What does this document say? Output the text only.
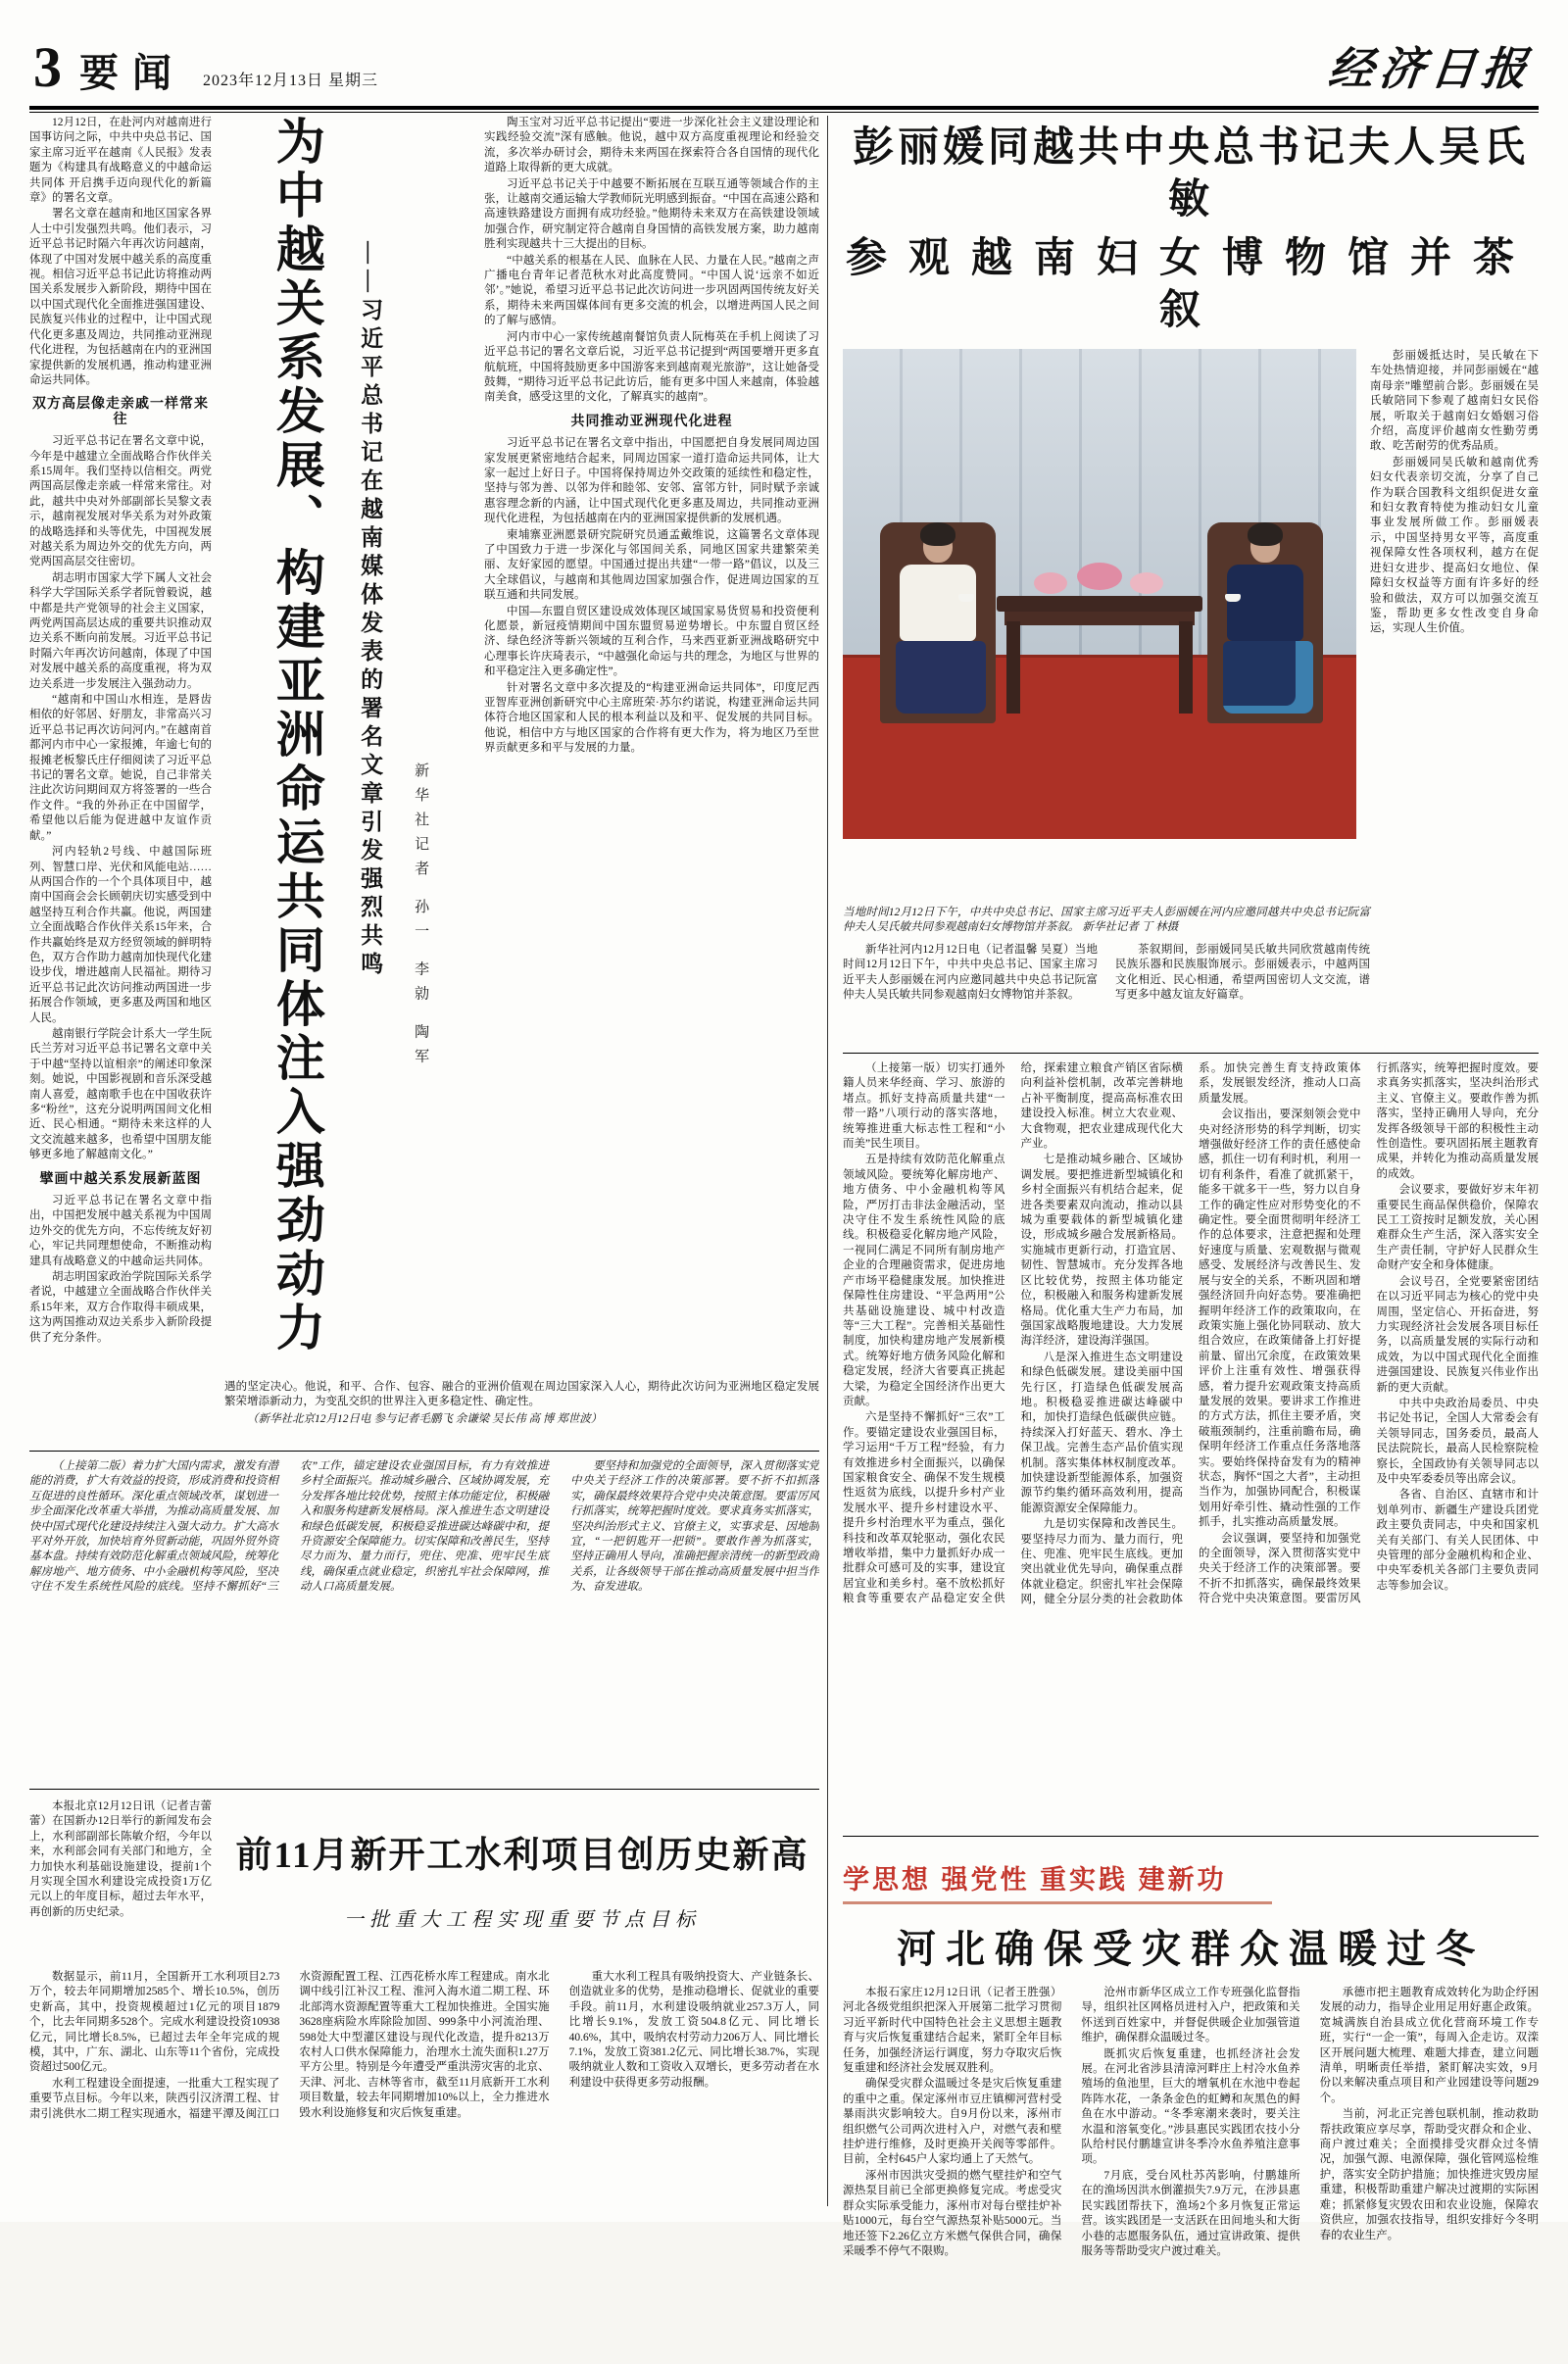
3 要闻 2023年12月13日 星期三	经济日报

12月12日，在赴河内对越南进行国事访问之际，中共中央总书记、国家主席习近平在越南《人民报》发表题为《构建具有战略意义的中越命运共同体 开启携手迈向现代化的新篇章》的署名文章。

署名文章在越南和地区国家各界人士中引发强烈共鸣。他们表示，习近平总书记时隔六年再次访问越南，体现了中国对发展中越关系的高度重视。相信习近平总书记此访将推动两国关系发展步入新阶段，期待中国在以中国式现代化全面推进强国建设、民族复兴伟业的过程中，让中国式现代化更多惠及周边，共同推动亚洲现代化进程，为包括越南在内的亚洲国家提供新的发展机遇，推动构建亚洲命运共同体。

双方高层像走亲戚一样常来往

习近平总书记在署名文章中说，今年是中越建立全面战略合作伙伴关系15周年。我们坚持以信相交。两党两国高层像走亲戚一样常来常往。对此，越共中央对外部副部长吴黎文表示，越南视发展对华关系为对外政策的战略选择和头等优先，中国视发展对越关系为周边外交的优先方向，两党两国高层交往密切。

胡志明市国家大学下属人文社会科学大学国际关系学者阮曾毅说，越中都是共产党领导的社会主义国家，两党两国高层达成的重要共识推动双边关系不断向前发展。习近平总书记时隔六年再次访问越南，体现了中国对发展中越关系的高度重视，将为双边关系进一步发展注入强劲动力。

“越南和中国山水相连，是唇齿相依的好邻居、好朋友，非常高兴习近平总书记再次访问河内。”在越南首都河内市中心一家报摊，年逾七旬的报摊老板黎氏庄仔细阅读了习近平总书记的署名文章。她说，自己非常关注此次访问期间双方将签署的一些合作文件。“我的外孙正在中国留学，希望他以后能为促进越中友谊作贡献。”

河内轻轨2号线、中越国际班列、智慧口岸、光伏和风能电站……从两国合作的一个个具体项目中，越南中国商会会长顾朝庆切实感受到中越坚持互利合作共赢。他说，两国建立全面战略合作伙伴关系15年来，合作共赢始终是双方经贸领域的鲜明特色，双方合作助力越南加快现代化建设步伐，增进越南人民福祉。期待习近平总书记此次访问推动两国进一步拓展合作领域，更多惠及两国和地区人民。

越南银行学院会计系大一学生阮氏兰芳对习近平总书记署名文章中关于中越“坚持以谊相亲”的阐述印象深刻。她说，中国影视剧和音乐深受越南人喜爱，越南歌手也在中国收获许多“粉丝”，这充分说明两国间文化相近、民心相通。“期待未来这样的人文交流越来越多，也希望中国朋友能够更多地了解越南文化。”

擘画中越关系发展新蓝图

习近平总书记在署名文章中指出，中国把发展中越关系视为中国周边外交的优先方向，不忘传统友好初心，牢记共同理想使命，不断推动构建具有战略意义的中越命运共同体。

胡志明国家政治学院国际关系学者说，中越建立全面战略合作伙伴关系15年来，双方合作取得丰硕成果，这为两国推动双边关系步入新阶段提供了充分条件。	为中越关系发展、构建亚洲命运共同体注入强劲动力 ——习近平总书记在越南媒体发表的署名文章引发强烈共鸣 新华社记者 孙一 李勍 陶军

陶玉宝对习近平总书记提出“要进一步深化社会主义建设理论和实践经验交流”深有感触。他说，越中双方高度重视理论和经验交流，多次举办研讨会，期待未来两国在探索符合各自国情的现代化道路上取得新的更大成就。

习近平总书记关于中越要不断拓展在互联互通等领域合作的主张，让越南交通运输大学教师阮光明感到振奋。“中国在高速公路和高速铁路建设方面拥有成功经验。”他期待未来双方在高铁建设领域加强合作，研究制定符合越南自身国情的高铁发展方案，助力越南胜利实现越共十三大提出的目标。

“中越关系的根基在人民、血脉在人民、力量在人民。”越南之声广播电台青年记者范秋水对此高度赞同。“中国人说‘远亲不如近邻’。”她说，希望习近平总书记此次访问进一步巩固两国传统友好关系，期待未来两国媒体间有更多交流的机会，以增进两国人民之间的了解与感情。

河内市中心一家传统越南餐馆负责人阮梅英在手机上阅读了习近平总书记的署名文章后说，习近平总书记提到“两国要增开更多直航航班，中国将鼓励更多中国游客来到越南观光旅游”，这让她备受鼓舞，“期待习近平总书记此访后，能有更多中国人来越南，体验越南美食，感受这里的文化，了解真实的越南”。

共同推动亚洲现代化进程

习近平总书记在署名文章中指出，中国愿把自身发展同周边国家发展更紧密地结合起来，同周边国家一道打造命运共同体，让大家一起过上好日子。中国将保持周边外交政策的延续性和稳定性，坚持与邻为善、以邻为伴和睦邻、安邻、富邻方针，同时赋予亲诚惠容理念新的内涵，让中国式现代化更多惠及周边，共同推动亚洲现代化进程，为包括越南在内的亚洲国家提供新的发展机遇。

柬埔寨亚洲愿景研究院研究员通孟戴维说，这篇署名文章体现了中国致力于进一步深化与邻国间关系，同地区国家共建繁荣美丽、友好家园的愿望。中国通过提出共建“一带一路”倡议，以及三大全球倡议，与越南和其他周边国家加强合作，促进周边国家的互联互通和共同发展。

中国—东盟自贸区建设成效体现区域国家易货贸易和投资便利化愿景，新冠疫情期间中国东盟贸易逆势增长。中东盟自贸区经济、绿色经济等新兴领域的互利合作，马来西亚新亚洲战略研究中心理事长许庆琦表示，“中越强化命运与共的理念，为地区与世界的和平稳定注入更多确定性”。

针对署名文章中多次提及的“构建亚洲命运共同体”，印度尼西亚智库亚洲创新研究中心主席班荣·苏尔约诺说，构建亚洲命运共同体符合地区国家和人民的根本利益以及和平、促发展的共同目标。他说，相信中方与地区国家的合作将有更大作为，将为地区乃至世界贡献更多和平与发展的力量。

遇的坚定决心。他说，和平、合作、包容、融合的亚洲价值观在周边国家深入人心，期待此次访问为亚洲地区稳定发展繁荣增添新动力，为变乱交织的世界注入更多稳定性、确定性。

（新华社北京12月12日电 参与记者毛鹏飞 余谦梁 吴长伟 高 博 郑世波）

（上接第二版）着力扩大国内需求，激发有潜能的消费，扩大有效益的投资，形成消费和投资相互促进的良性循环。深化重点领域改革，谋划进一步全面深化改革重大举措，为推动高质量发展、加快中国式现代化建设持续注入强大动力。扩大高水平对外开放，加快培育外贸新动能，巩固外贸外资基本盘。持续有效防范化解重点领域风险，统筹化解房地产、地方债务、中小金融机构等风险，坚决守住不发生系统性风险的底线。坚持不懈抓好“三农”工作，锚定建设农业强国目标，有力有效推进乡村全面振兴。推动城乡融合、区域协调发展，充分发挥各地比较优势，按照主体功能定位，积极融入和服务构建新发展格局。深入推进生态文明建设和绿色低碳发展，积极稳妥推进碳达峰碳中和，提升资源安全保障能力。切实保障和改善民生，坚持尽力而为、量力而行，兜住、兜准、兜牢民生底线，确保重点就业稳定，织密扎牢社会保障网，推动人口高质量发展。

要坚持和加强党的全面领导，深入贯彻落实党中央关于经济工作的决策部署。要不折不扣抓落实，确保最终效果符合党中央决策意图。要雷厉风行抓落实，统筹把握时度效。要求真务实抓落实，坚决纠治形式主义、官僚主义，实事求是、因地制宜，“一把钥匙开一把锁”。要敢作善为抓落实，坚持正确用人导向，准确把握亲清统一的新型政商关系，让各级领导干部在推动高质量发展中担当作为、奋发进取。

本报北京12月12日讯（记者吉蕾蕾）在国新办12日举行的新闻发布会上，水利部副部长陈敏介绍，今年以来，水利部会同有关部门和地方，全力加快水利基础设施建设，提前1个月实现全国水利建设完成投资1万亿元以上的年度目标，超过去年水平，再创新的历史纪录。

前11月新开工水利项目创历史新高
一批重大工程实现重要节点目标

数据显示，前11月，全国新开工水利项目2.73万个，较去年同期增加2585个、增长10.5%，创历史新高，其中，投资规模超过1亿元的项目1879个，比去年同期多528个。完成水利建设投资10938亿元，同比增长8.5%，已超过去年全年完成的规模，其中，广东、湖北、山东等11个省份，完成投资超过500亿元。

水利工程建设全面提速，一批重大工程实现了重要节点目标。今年以来，陕西引汉济渭工程、甘肃引洮供水二期工程实现通水，福建平潭及闽江口水资源配置工程、江西花桥水库工程建成。南水北调中线引江补汉工程、淮河入海水道二期工程、环北部湾水资源配置等重大工程加快推进。全国实施3628座病险水库除险加固、999条中小河流治理、598处大中型灌区建设与现代化改造，提升8213万农村人口供水保障能力，治理水土流失面积1.27万平方公里。特别是今年遭受严重洪涝灾害的北京、天津、河北、吉林等省市，截至11月底新开工水利项目数量，较去年同期增加10%以上，全力推进水毁水利设施修复和灾后恢复重建。

重大水利工程具有吸纳投资大、产业链条长、创造就业多的优势，是推动稳增长、促就业的重要手段。前11月，水利建设吸纳就业257.3万人，同比增长9.1%，发放工资504.8亿元、同比增长40.6%，其中，吸纳农村劳动力206万人、同比增长7.1%，发放工资381.2亿元、同比增长38.7%，实现吸纳就业人数和工资收入双增长，更多劳动者在水利建设中获得更多劳动报酬。

彭丽媛同越共中央总书记夫人吴氏敏
参观越南妇女博物馆并茶叙

彭丽媛抵达时，吴氏敏在下车处热情迎接，并同彭丽媛在“越南母亲”雕塑前合影。彭丽媛在吴氏敏陪同下参观了越南妇女民俗展，听取关于越南妇女婚姻习俗介绍，高度评价越南女性勤劳勇敢、吃苦耐劳的优秀品质。

彭丽媛同吴氏敏和越南优秀妇女代表亲切交流，分享了自己作为联合国教科文组织促进女童和妇女教育特使为推动妇女儿童事业发展所做工作。彭丽媛表示，中国坚持男女平等，高度重视保障女性各项权利，越方在促进妇女进步、提高妇女地位、保障妇女权益等方面有许多好的经验和做法，双方可以加强交流互鉴，帮助更多女性改变自身命运，实现人生价值。

当地时间12月12日下午，中共中央总书记、国家主席习近平夫人彭丽媛在河内应邀同越共中央总书记阮富仲夫人吴氏敏共同参观越南妇女博物馆并茶叙。 新华社记者 丁 林摄

新华社河内12月12日电（记者温馨 吴夏）当地时间12月12日下午，中共中央总书记、国家主席习近平夫人彭丽媛在河内应邀同越共中央总书记阮富仲夫人吴氏敏共同参观越南妇女博物馆并茶叙。

茶叙期间，彭丽媛同吴氏敏共同欣赏越南传统民族乐器和民族服饰展示。彭丽媛表示，中越两国文化相近、民心相通，希望两国密切人文交流，谱写更多中越友谊友好篇章。

（上接第一版）切实打通外籍人员来华经商、学习、旅游的堵点。抓好支持高质量共建“一带一路”八项行动的落实落地，统筹推进重大标志性工程和“小而美”民生项目。

五是持续有效防范化解重点领域风险。要统筹化解房地产、地方债务、中小金融机构等风险，严厉打击非法金融活动，坚决守住不发生系统性风险的底线。积极稳妥化解房地产风险，一视同仁满足不同所有制房地产企业的合理融资需求，促进房地产市场平稳健康发展。加快推进保障性住房建设、“平急两用”公共基础设施建设、城中村改造等“三大工程”。完善相关基础性制度，加快构建房地产发展新模式。统筹好地方债务风险化解和稳定发展，经济大省要真正挑起大梁，为稳定全国经济作出更大贡献。

六是坚持不懈抓好“三农”工作。要锚定建设农业强国目标，学习运用“千万工程”经验，有力有效推进乡村全面振兴，以确保国家粮食安全、确保不发生规模性返贫为底线，以提升乡村产业发展水平、提升乡村建设水平、提升乡村治理水平为重点，强化科技和改革双轮驱动，强化农民增收举措，集中力量抓好办成一批群众可感可及的实事，建设宜居宜业和美乡村。毫不放松抓好粮食等重要农产品稳定安全供给，探索建立粮食产销区省际横向利益补偿机制，改革完善耕地占补平衡制度，提高高标准农田建设投入标准。树立大农业观、大食物观，把农业建成现代化大产业。

七是推动城乡融合、区域协调发展。要把推进新型城镇化和乡村全面振兴有机结合起来，促进各类要素双向流动，推动以县城为重要载体的新型城镇化建设，形成城乡融合发展新格局。实施城市更新行动，打造宜居、韧性、智慧城市。充分发挥各地区比较优势，按照主体功能定位，积极融入和服务构建新发展格局。优化重大生产力布局，加强国家战略腹地建设。大力发展海洋经济，建设海洋强国。

八是深入推进生态文明建设和绿色低碳发展。建设美丽中国先行区，打造绿色低碳发展高地。积极稳妥推进碳达峰碳中和，加快打造绿色低碳供应链。持续深入打好蓝天、碧水、净土保卫战。完善生态产品价值实现机制。落实集体林权制度改革。加快建设新型能源体系，加强资源节约集约循环高效利用，提高能源资源安全保障能力。

九是切实保障和改善民生。要坚持尽力而为、量力而行，兜住、兜准、兜牢民生底线。更加突出就业优先导向，确保重点群体就业稳定。织密扎牢社会保障网，健全分层分类的社会救助体系。加快完善生育支持政策体系，发展银发经济，推动人口高质量发展。

会议指出，要深刻领会党中央对经济形势的科学判断，切实增强做好经济工作的责任感使命感，抓住一切有利时机，利用一切有利条件，看准了就抓紧干，能多干就多干一些，努力以自身工作的确定性应对形势变化的不确定性。要全面贯彻明年经济工作的总体要求，注意把握和处理好速度与质量、宏观数据与微观感受、发展经济与改善民生、发展与安全的关系，不断巩固和增强经济回升向好态势。要准确把握明年经济工作的政策取向，在政策实施上强化协同联动、放大组合效应，在政策储备上打好提前量、留出冗余度，在政策效果评价上注重有效性、增强获得感，着力提升宏观政策支持高质量发展的效果。要讲求工作推进的方式方法，抓住主要矛盾，突破瓶颈制约，注重前瞻布局，确保明年经济工作重点任务落地落实。要始终保持奋发有为的精神状态，胸怀“国之大者”，主动担当作为，加强协同配合，积极谋划用好牵引性、撬动性强的工作抓手，扎实推动高质量发展。

会议强调，要坚持和加强党的全面领导，深入贯彻落实党中央关于经济工作的决策部署。要不折不扣抓落实，确保最终效果符合党中央决策意图。要雷厉风行抓落实，统筹把握时度效。要求真务实抓落实，坚决纠治形式主义、官僚主义。要敢作善为抓落实，坚持正确用人导向，充分发挥各级领导干部的积极性主动性创造性。要巩固拓展主题教育成果，并转化为推动高质量发展的成效。

会议要求，要做好岁末年初重要民生商品保供稳价，保障农民工工资按时足额发放，关心困难群众生产生活，深入落实安全生产责任制，守护好人民群众生命财产安全和身体健康。

会议号召，全党要紧密团结在以习近平同志为核心的党中央周围，坚定信心、开拓奋进，努力实现经济社会发展各项目标任务，以高质量发展的实际行动和成效，为以中国式现代化全面推进强国建设、民族复兴伟业作出新的更大贡献。

中共中央政治局委员、中央书记处书记，全国人大常委会有关领导同志，国务委员，最高人民法院院长，最高人民检察院检察长，全国政协有关领导同志以及中央军委委员等出席会议。

各省、自治区、直辖市和计划单列市、新疆生产建设兵团党政主要负责同志，中央和国家机关有关部门、有关人民团体、中央管理的部分金融机构和企业、中央军委机关各部门主要负责同志等参加会议。

学思想 强党性 重实践 建新功
河北确保受灾群众温暖过冬

本报石家庄12月12日讯（记者王胜强）河北各级党组织把深入开展第二批学习贯彻习近平新时代中国特色社会主义思想主题教育与灾后恢复重建结合起来，紧盯全年目标任务，加强经济运行调度，努力夺取灾后恢复重建和经济社会发展双胜利。

确保受灾群众温暖过冬是灾后恢复重建的重中之重。保定涿州市豆庄镇柳河营村受暴雨洪灾影响较大。自9月份以来，涿州市组织燃气公司两次进村入户，对燃气表和壁挂炉进行维修，及时更换开关阀等零部件。目前，全村645户人家均通上了天然气。

涿州市因洪灾受损的燃气壁挂炉和空气源热泵目前已全部更换修复完成。考虑受灾群众实际承受能力，涿州市对每台壁挂炉补贴1000元，每台空气源热泵补贴5000元。当地还签下2.26亿立方米燃气保供合同，确保采暖季不停气不限购。

沧州市新华区成立工作专班强化监督指导，组织社区网格员进村入户，把政策和关怀送到百姓家中，并督促供暖企业加强管道维护，确保群众温暖过冬。

既抓灾后恢复重建，也抓经济社会发展。在河北省涉县清漳河畔庄上村冷水鱼养殖场的鱼池里，巨大的增氧机在水池中卷起阵阵水花，一条条金色的虹鳟和灰黑色的鲟鱼在水中游动。“冬季寒潮来袭时，要关注水温和溶氧变化。”涉县惠民实践团农技小分队给村民付鹏雄宣讲冬季冷水鱼养殖注意事项。

7月底，受台风杜苏芮影响，付鹏雄所在的渔场因洪水倒灌损失7.9万元，在涉县惠民实践团帮扶下，渔场2个多月恢复正常运营。该实践团是一支活跃在田间地头和大街小巷的志愿服务队伍，通过宣讲政策、提供服务等帮助受灾户渡过难关。

承德市把主题教育成效转化为助企纾困发展的动力，指导企业用足用好惠企政策。宽城满族自治县成立优化营商环境工作专班，实行“一企一策”，每周入企走访。双滦区开展问题大梳理、难题大排查，建立问题清单，明晰责任举措，紧盯解决实效，9月份以来解决重点项目和产业园建设等问题29个。

当前，河北正完善包联机制，推动救助帮扶政策应享尽享，帮助受灾群众和企业、商户渡过难关；全面摸排受灾群众过冬情况，加强气源、电源保障，强化管网巡检维护，落实安全防护措施；加快推进灾毁房屋重建，积极帮助重建户解决过渡期的实际困难；抓紧修复灾毁农田和农业设施，保障农资供应，加强农技指导，组织安排好今冬明春的农业生产。
